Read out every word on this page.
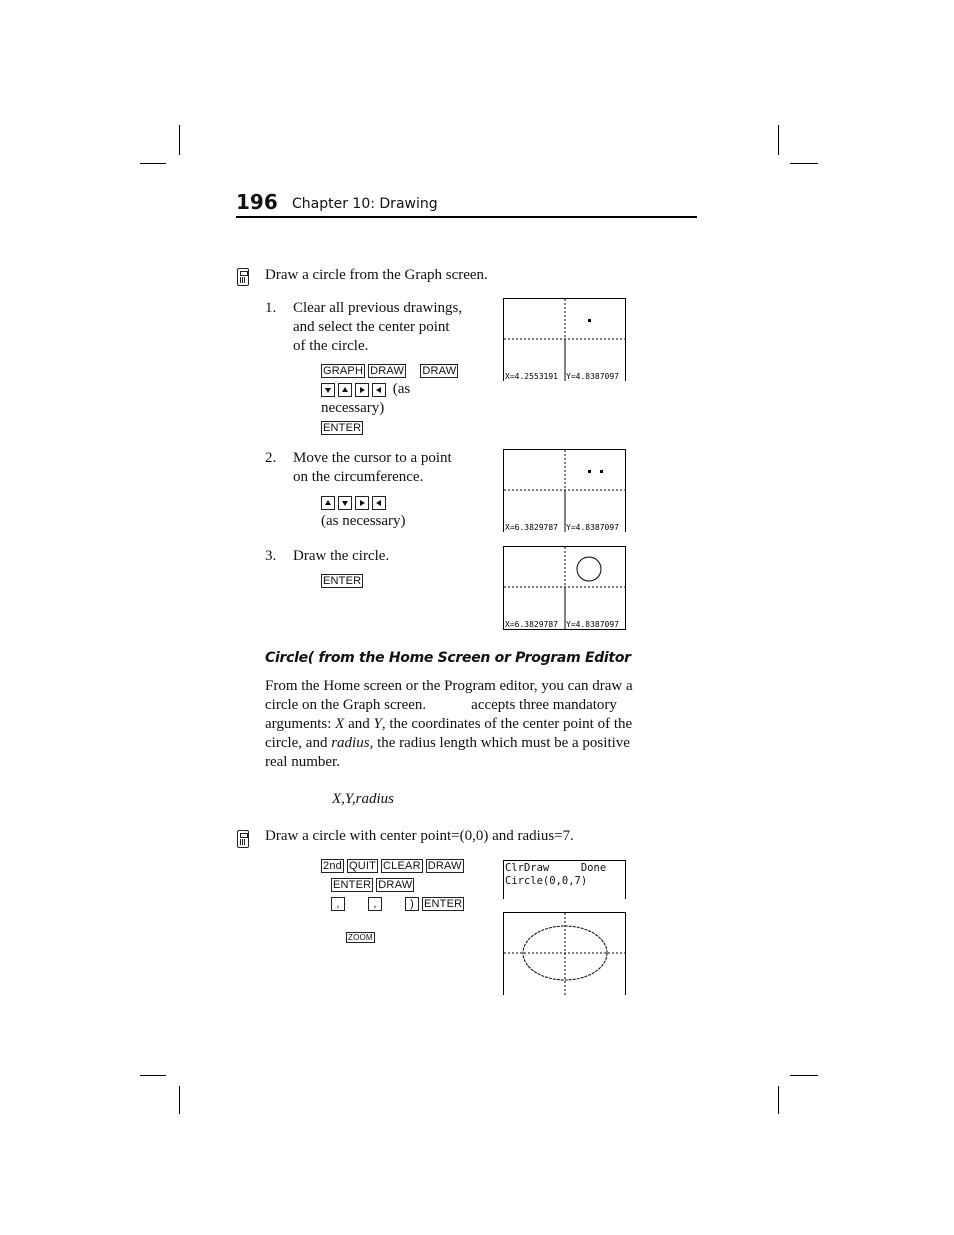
196 Chapter 10: Drawing
Draw a circle from the Graph screen.
1. Clear all previous drawings,
and select the center point
of the circle.
GRAPH DRAW DRAW
(as
necessary)
ENTER
X=4.2553191 Y=4.8387097
2. Move the cursor to a point
on the circumference.
(as necessary)	X=6.3829787 Y=4.8387097
3. Draw the circle.
ENTER
X=6.3829787 Y=4.8387097
Circle( from the Home Screen or Program Editor
From the Home screen or the Program editor, you can draw a
circle on the Graph screen.            accepts three mandatory
arguments: X and Y, the coordinates of the center point of the
circle, and radius, the radius length which must be a positive
real number.
X,Y,radius
Draw a circle with center point=(0,0) and radius=7.
2nd QUIT CLEAR DRAW
ENTER DRAW
,	,	) ENTER
ZOOM
ClrDraw     Done
Circle(0,0,7)
